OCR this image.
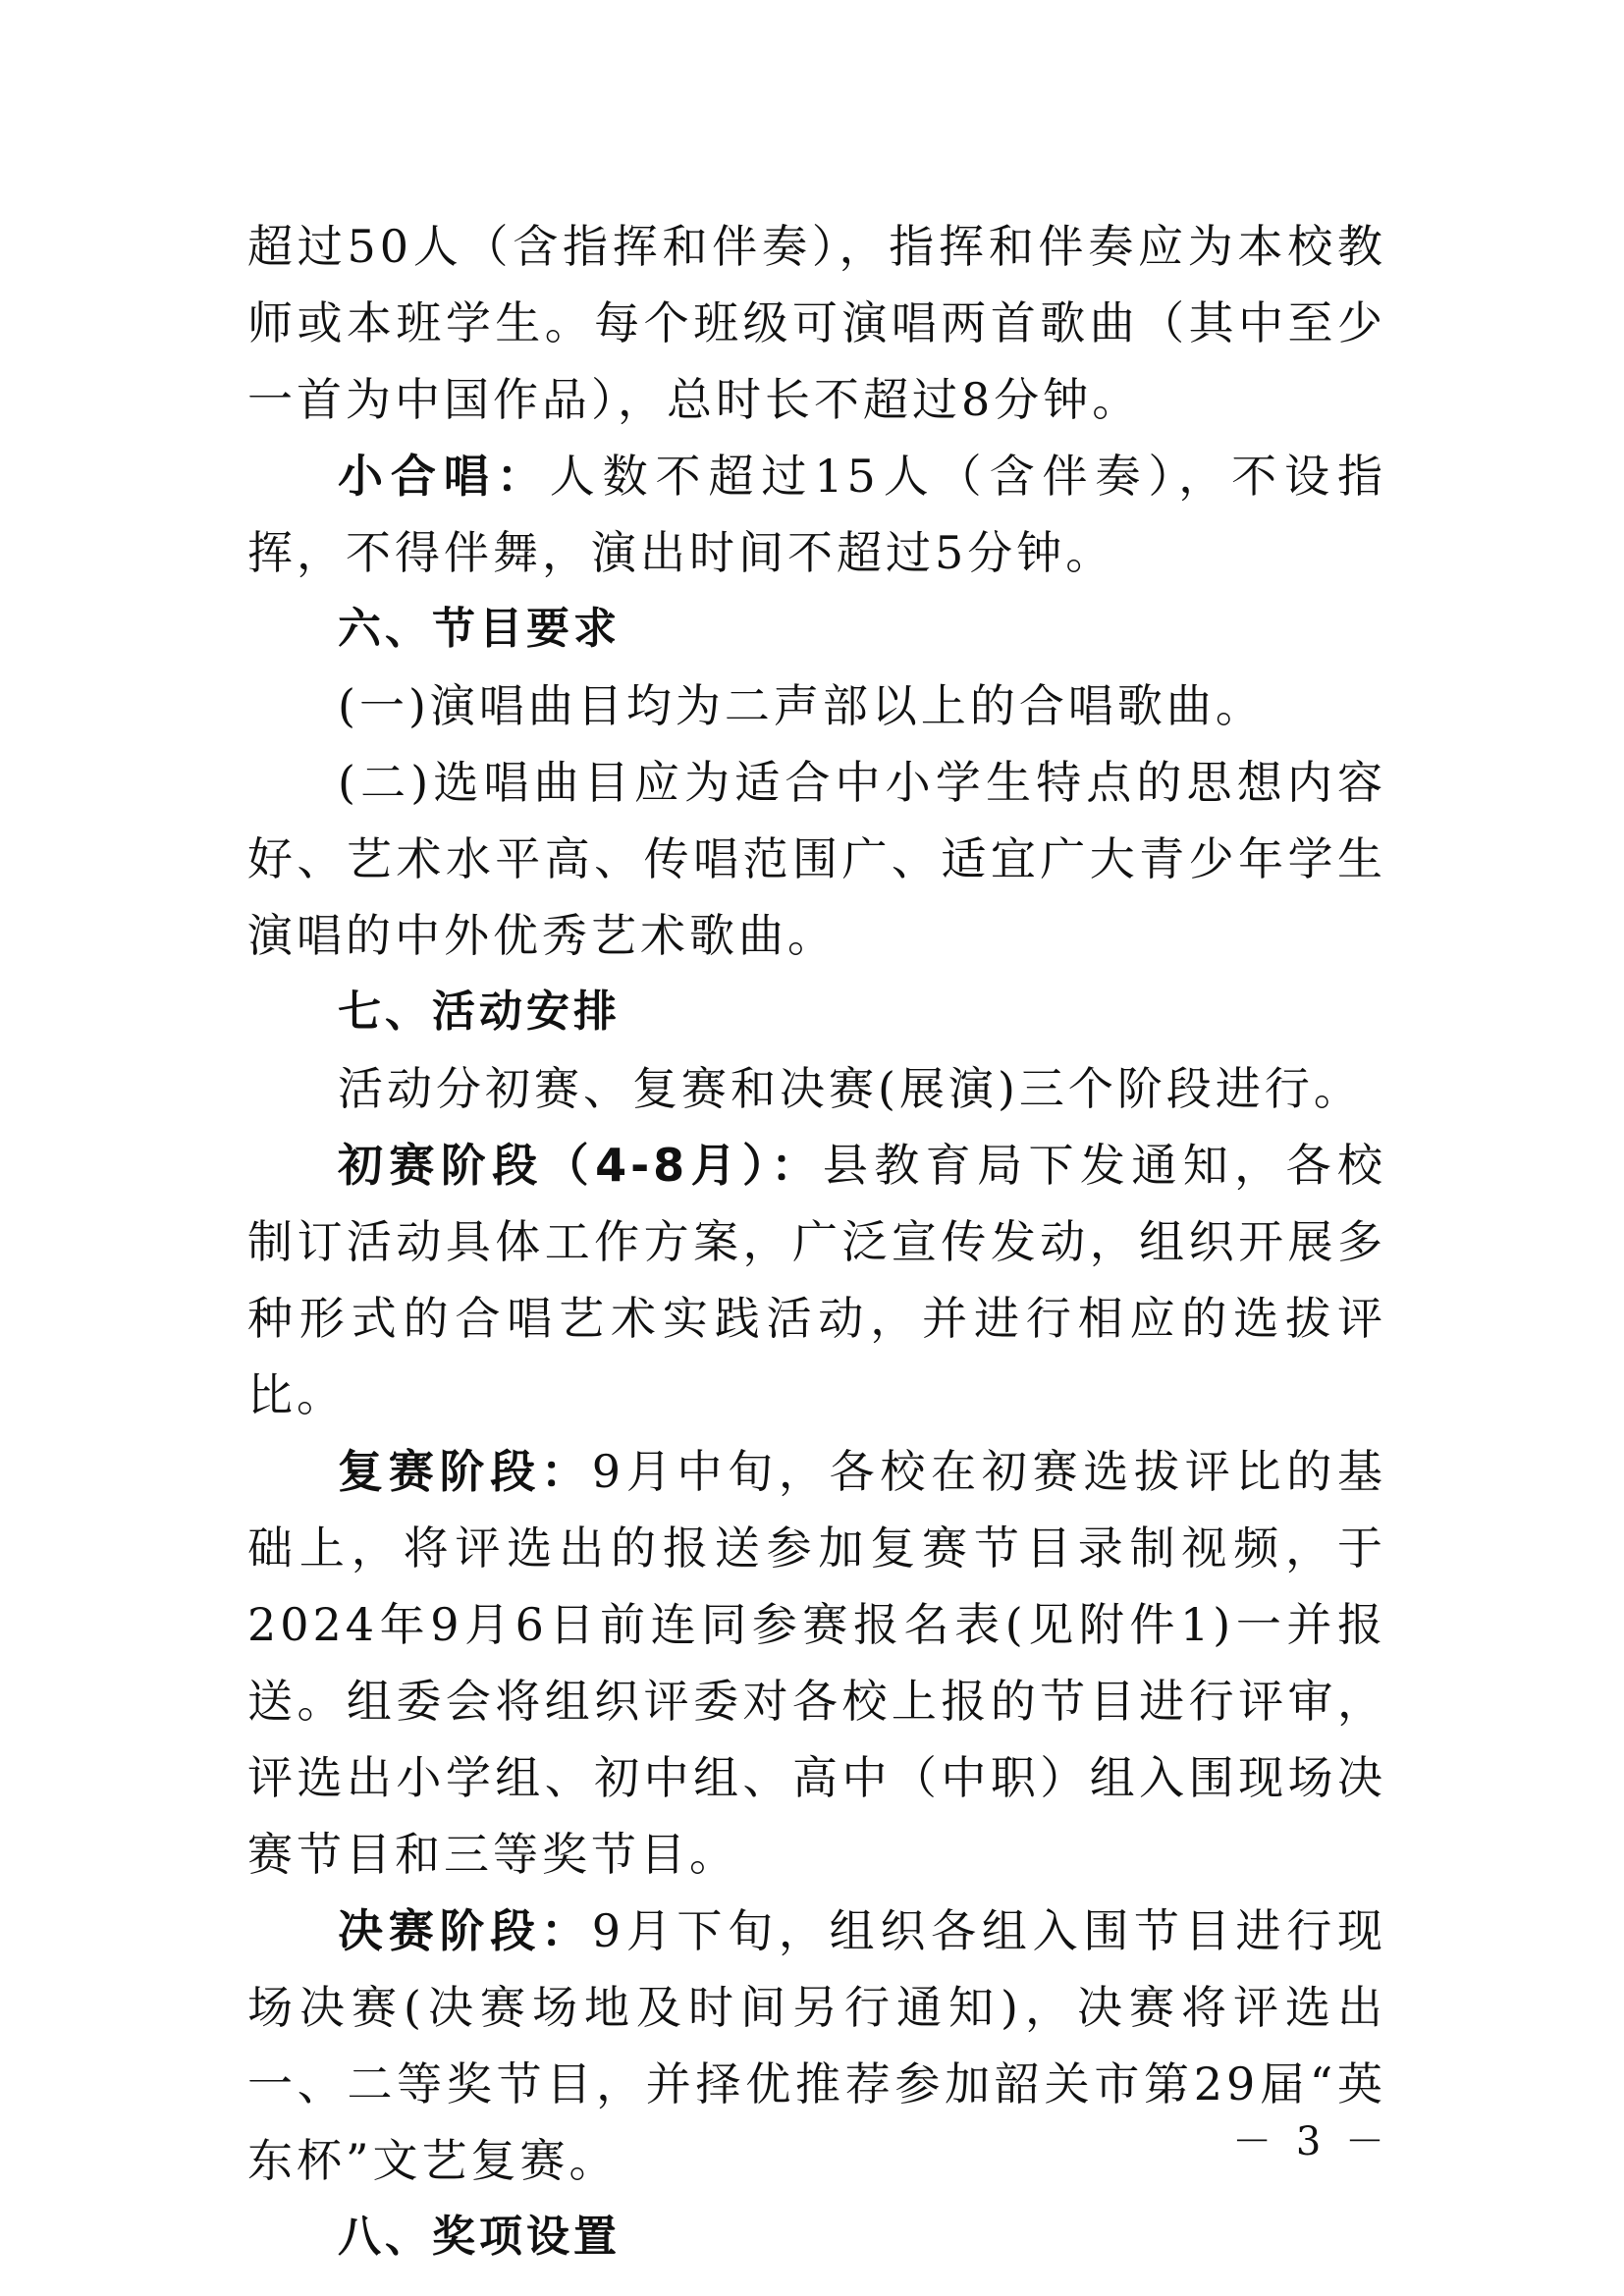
超过50人（含指挥和伴奏），指挥和伴奏应为本校教师或本班学生。每个班级可演唱两首歌曲（其中至少一首为中国作品），总时长不超过8分钟。

小合唱：人数不超过15人（含伴奏），不设指挥，不得伴舞，演出时间不超过5分钟。

六、节目要求

(一)演唱曲目均为二声部以上的合唱歌曲。

(二)选唱曲目应为适合中小学生特点的思想内容好、艺术水平高、传唱范围广、适宜广大青少年学生演唱的中外优秀艺术歌曲。

七、活动安排

活动分初赛、复赛和决赛(展演)三个阶段进行。

初赛阶段（4-8月）：县教育局下发通知，各校制订活动具体工作方案，广泛宣传发动，组织开展多种形式的合唱艺术实践活动，并进行相应的选拔评比。

复赛阶段：9月中旬，各校在初赛选拔评比的基础上，将评选出的报送参加复赛节目录制视频，于2024年9月6日前连同参赛报名表(见附件1)一并报送。组委会将组织评委对各校上报的节目进行评审，评选出小学组、初中组、高中（中职）组入围现场决赛节目和三等奖节目。

决赛阶段：9月下旬，组织各组入围节目进行现场决赛(决赛场地及时间另行通知)，决赛将评选出一、二等奖节目，并择优推荐参加韶关市第29届“英东杯”文艺复赛。

八、奖项设置

－ 3 －
